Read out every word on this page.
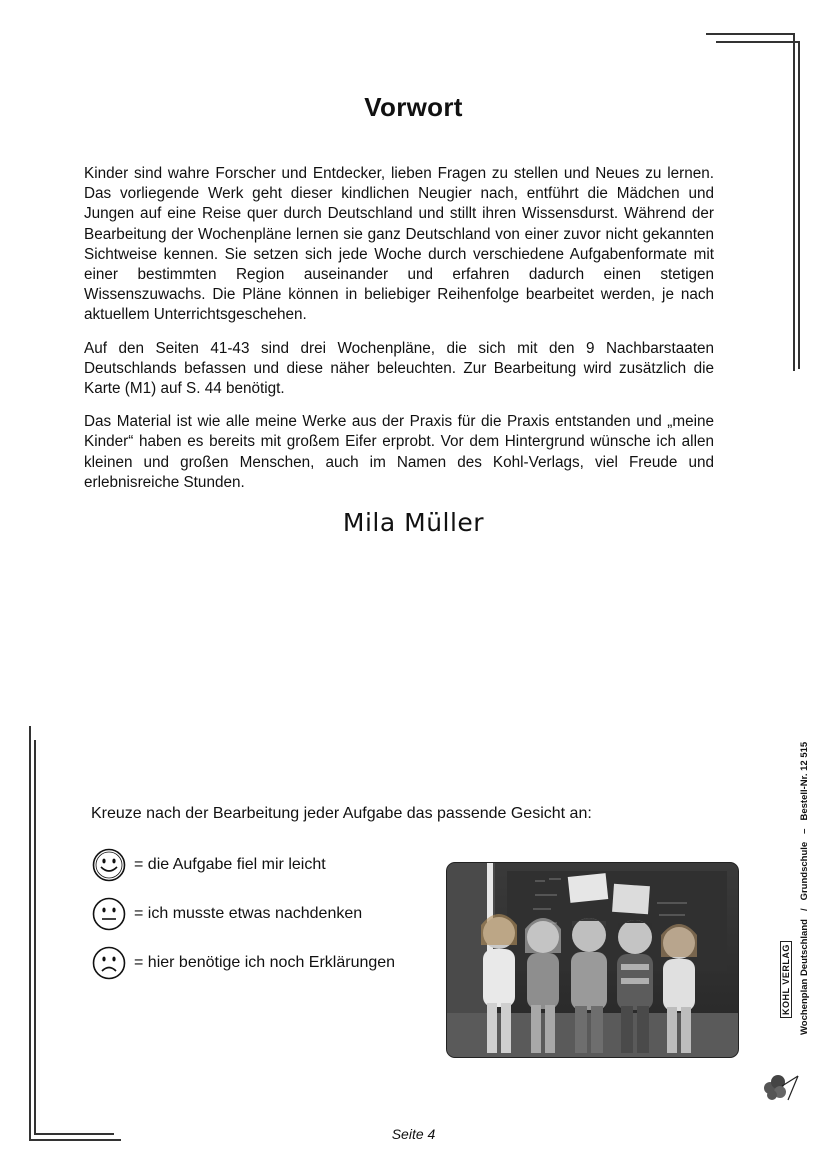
Vorwort

Kinder sind wahre Forscher und Entdecker, lieben Fragen zu stellen und Neues zu lernen. Das vorliegende Werk geht dieser kindlichen Neugier nach, entführt die Mädchen und Jungen auf eine Reise quer durch Deutschland und stillt ihren Wissensdurst. Während der Bearbeitung der Wochenpläne lernen sie ganz Deutschland von einer zuvor nicht gekannten Sichtweise kennen. Sie setzen sich jede Woche durch verschiedene Aufgabenformate mit einer bestimmten Region auseinander und erfahren dadurch einen stetigen Wissenszuwachs. Die Pläne können in beliebiger Reihenfolge bearbeitet werden, je nach aktuellem Unterrichtsgeschehen.

Auf den Seiten 41-43 sind drei Wochenpläne, die sich mit den 9 Nachbarstaaten Deutschlands befassen und diese näher beleuchten. Zur Bearbeitung wird zusätzlich die Karte (M1) auf S. 44 benötigt.

Das Material ist wie alle meine Werke aus der Praxis für die Praxis entstanden und „meine Kinder“ haben es bereits mit großem Eifer erprobt. Vor dem Hintergrund wünsche ich allen kleinen und großen Menschen, auch im Namen des Kohl-Verlags, viel Freude und erlebnisreiche Stunden.

Mila Müller
Kreuze nach der Bearbeitung jeder Aufgabe das passende Gesicht an:
= die Aufgabe fiel mir leicht
= ich musste etwas nachdenken
= hier benötige ich noch Erklärungen
Seite 4
Wochenplan Deutschland
/
Grundschule
–
Bestell-Nr. 12 515
KOHL VERLAG
